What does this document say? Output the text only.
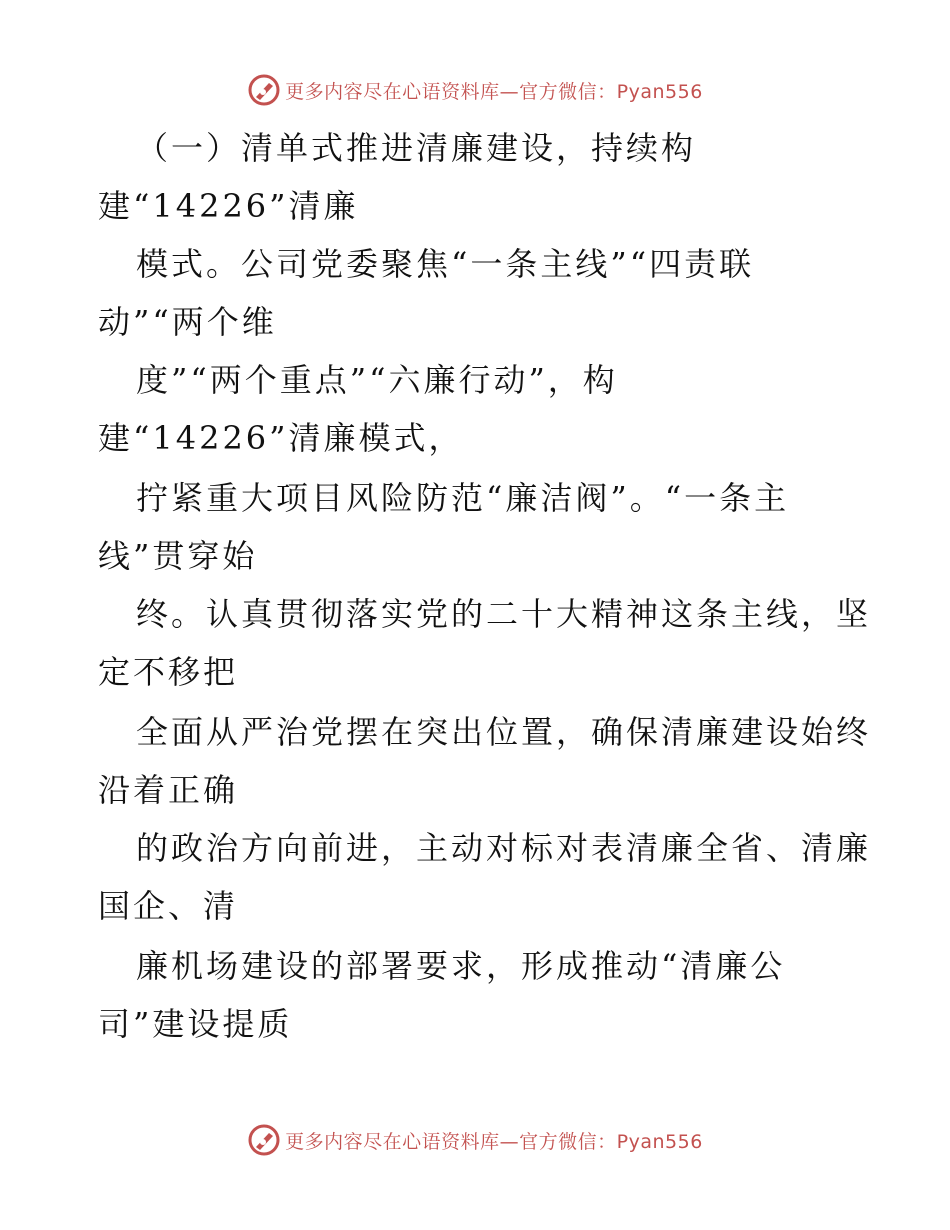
更多内容尽在心语资料库—官方微信：Pyan556
（一）清单式推进清廉建设，持续构
建“14226”清廉
模式。公司党委聚焦“一条主线”“四责联
动”“两个维
度”“两个重点”“六廉行动”，构
建“14226”清廉模式，
拧紧重大项目风险防范“廉洁阀”。“一条主
线”贯穿始
终。认真贯彻落实党的二十大精神这条主线，坚
定不移把
全面从严治党摆在突出位置，确保清廉建设始终
沿着正确
的政治方向前进，主动对标对表清廉全省、清廉
国企、清
廉机场建设的部署要求，形成推动“清廉公
司”建设提质
更多内容尽在心语资料库—官方微信：Pyan556
